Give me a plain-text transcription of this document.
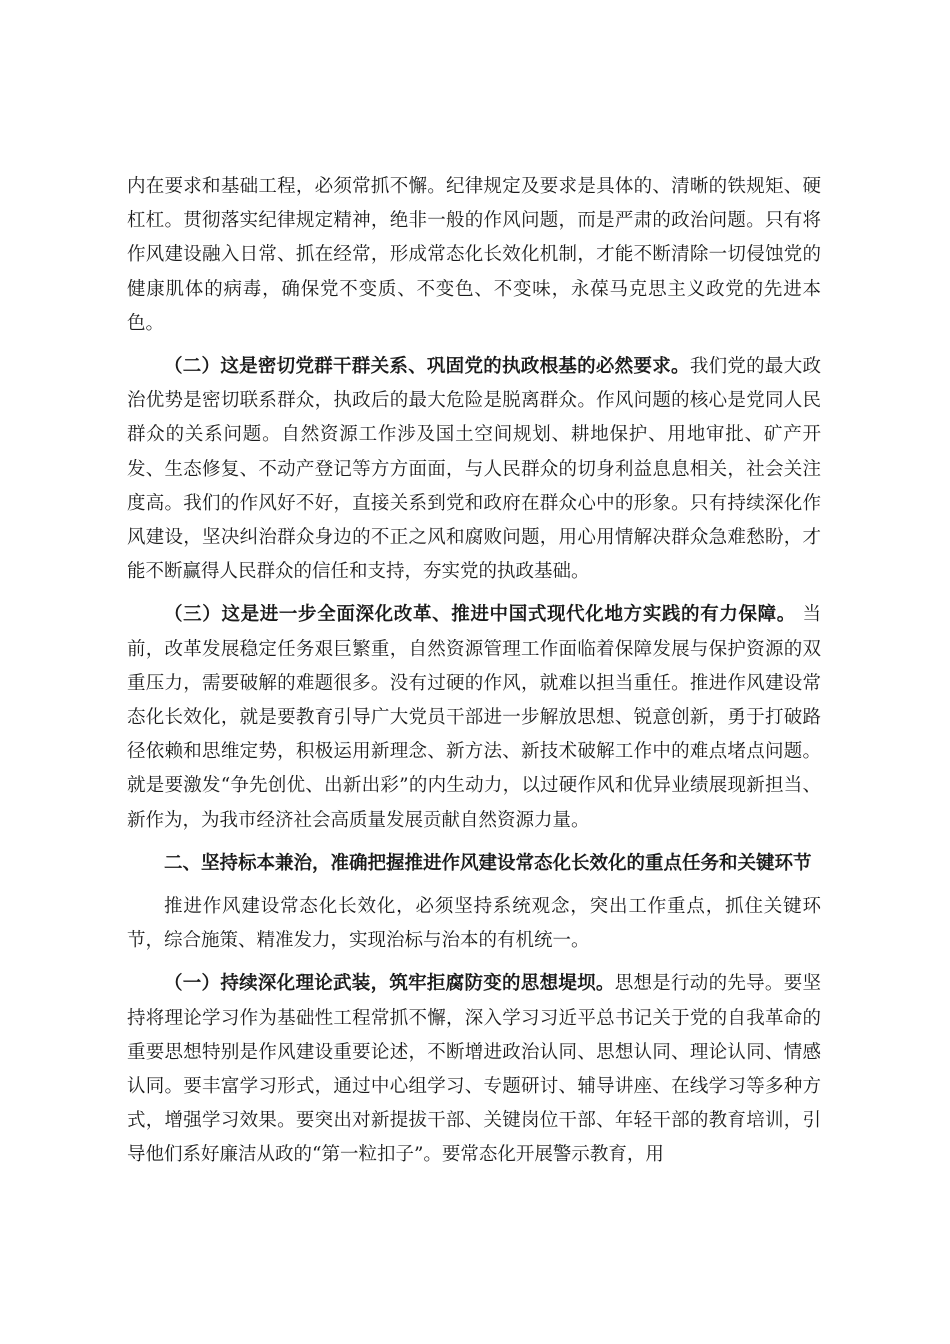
内在要求和基础工程，必须常抓不懈。纪律规定及要求是具体的、清晰的铁规矩、硬杠杠。贯彻落实纪律规定精神，绝非一般的作风问题，而是严肃的政治问题。只有将作风建设融入日常、抓在经常，形成常态化长效化机制，才能不断清除一切侵蚀党的健康肌体的病毒，确保党不变质、不变色、不变味，永葆马克思主义政党的先进本色。

（二）这是密切党群干群关系、巩固党的执政根基的必然要求。我们党的最大政治优势是密切联系群众，执政后的最大危险是脱离群众。作风问题的核心是党同人民群众的关系问题。自然资源工作涉及国土空间规划、耕地保护、用地审批、矿产开发、生态修复、不动产登记等方方面面，与人民群众的切身利益息息相关，社会关注度高。我们的作风好不好，直接关系到党和政府在群众心中的形象。只有持续深化作风建设，坚决纠治群众身边的不正之风和腐败问题，用心用情解决群众急难愁盼，才能不断赢得人民群众的信任和支持，夯实党的执政基础。

（三）这是进一步全面深化改革、推进中国式现代化地方实践的有力保障。 当前，改革发展稳定任务艰巨繁重，自然资源管理工作面临着保障发展与保护资源的双重压力，需要破解的难题很多。没有过硬的作风，就难以担当重任。推进作风建设常态化长效化，就是要教育引导广大党员干部进一步解放思想、锐意创新，勇于打破路径依赖和思维定势，积极运用新理念、新方法、新技术破解工作中的难点堵点问题。就是要激发“争先创优、出新出彩”的内生动力，以过硬作风和优异业绩展现新担当、新作为，为我市经济社会高质量发展贡献自然资源力量。

二、坚持标本兼治，准确把握推进作风建设常态化长效化的重点任务和关键环节

推进作风建设常态化长效化，必须坚持系统观念，突出工作重点，抓住关键环节，综合施策、精准发力，实现治标与治本的有机统一。

（一）持续深化理论武装，筑牢拒腐防变的思想堤坝。思想是行动的先导。要坚持将理论学习作为基础性工程常抓不懈，深入学习习近平总书记关于党的自我革命的重要思想特别是作风建设重要论述，不断增进政治认同、思想认同、理论认同、情感认同。要丰富学习形式，通过中心组学习、专题研讨、辅导讲座、在线学习等多种方式，增强学习效果。要突出对新提拔干部、关键岗位干部、年轻干部的教育培训，引导他们系好廉洁从政的“第一粒扣子”。要常态化开展警示教育，用
